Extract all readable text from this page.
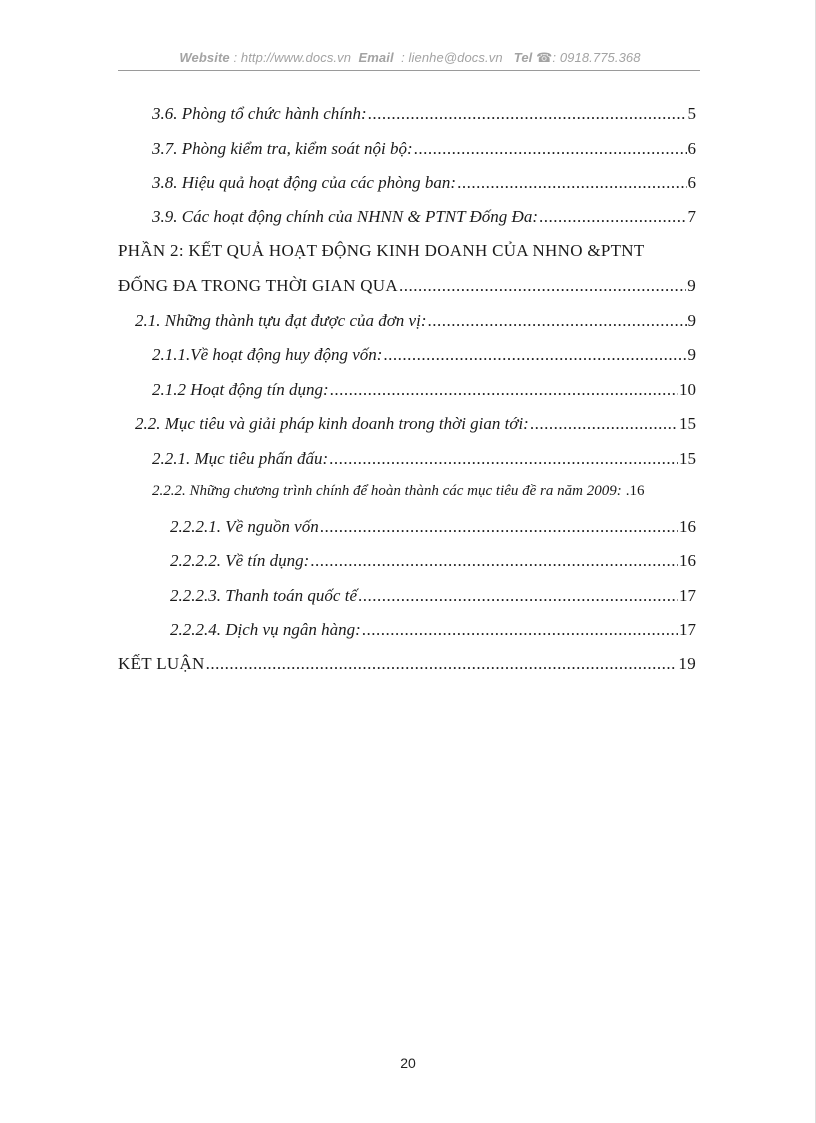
Website : http://www.docs.vn Email : lienhe@docs.vn Tel ☎: 0918.775.368
3.6. Phòng tổ chức hành chính: .....	5
3.7. Phòng kiểm tra, kiểm soát nội bộ: .....	6
3.8. Hiệu quả hoạt động của các phòng ban: .....	6
3.9. Các hoạt động chính của NHNN & PTNT Đống Đa: .....	7
PHẦN 2: KẾT QUẢ HOẠT ĐỘNG KINH DOANH CỦA NHNO &PTNT
ĐỐNG ĐA TRONG THỜI GIAN QUA .....	9
2.1. Những thành tựu đạt được của đơn vị: .....	9
2.1.1.Về hoạt động huy động vốn: .....	9
2.1.2 Hoạt động tín dụng: .....	10
2.2. Mục tiêu và giải pháp kinh doanh trong thời gian tới: .....	15
2.2.1. Mục tiêu phấn đấu: .....	15
2.2.2. Những chương trình chính để hoàn thành các mục tiêu đề ra năm 2009: .16
2.2.2.1. Về nguồn vốn .....	16
2.2.2.2. Về tín dụng: .....	16
2.2.2.3. Thanh toán quốc tế .....	17
2.2.2.4. Dịch vụ ngân hàng: .....	17
KẾT LUẬN .....	19
20
